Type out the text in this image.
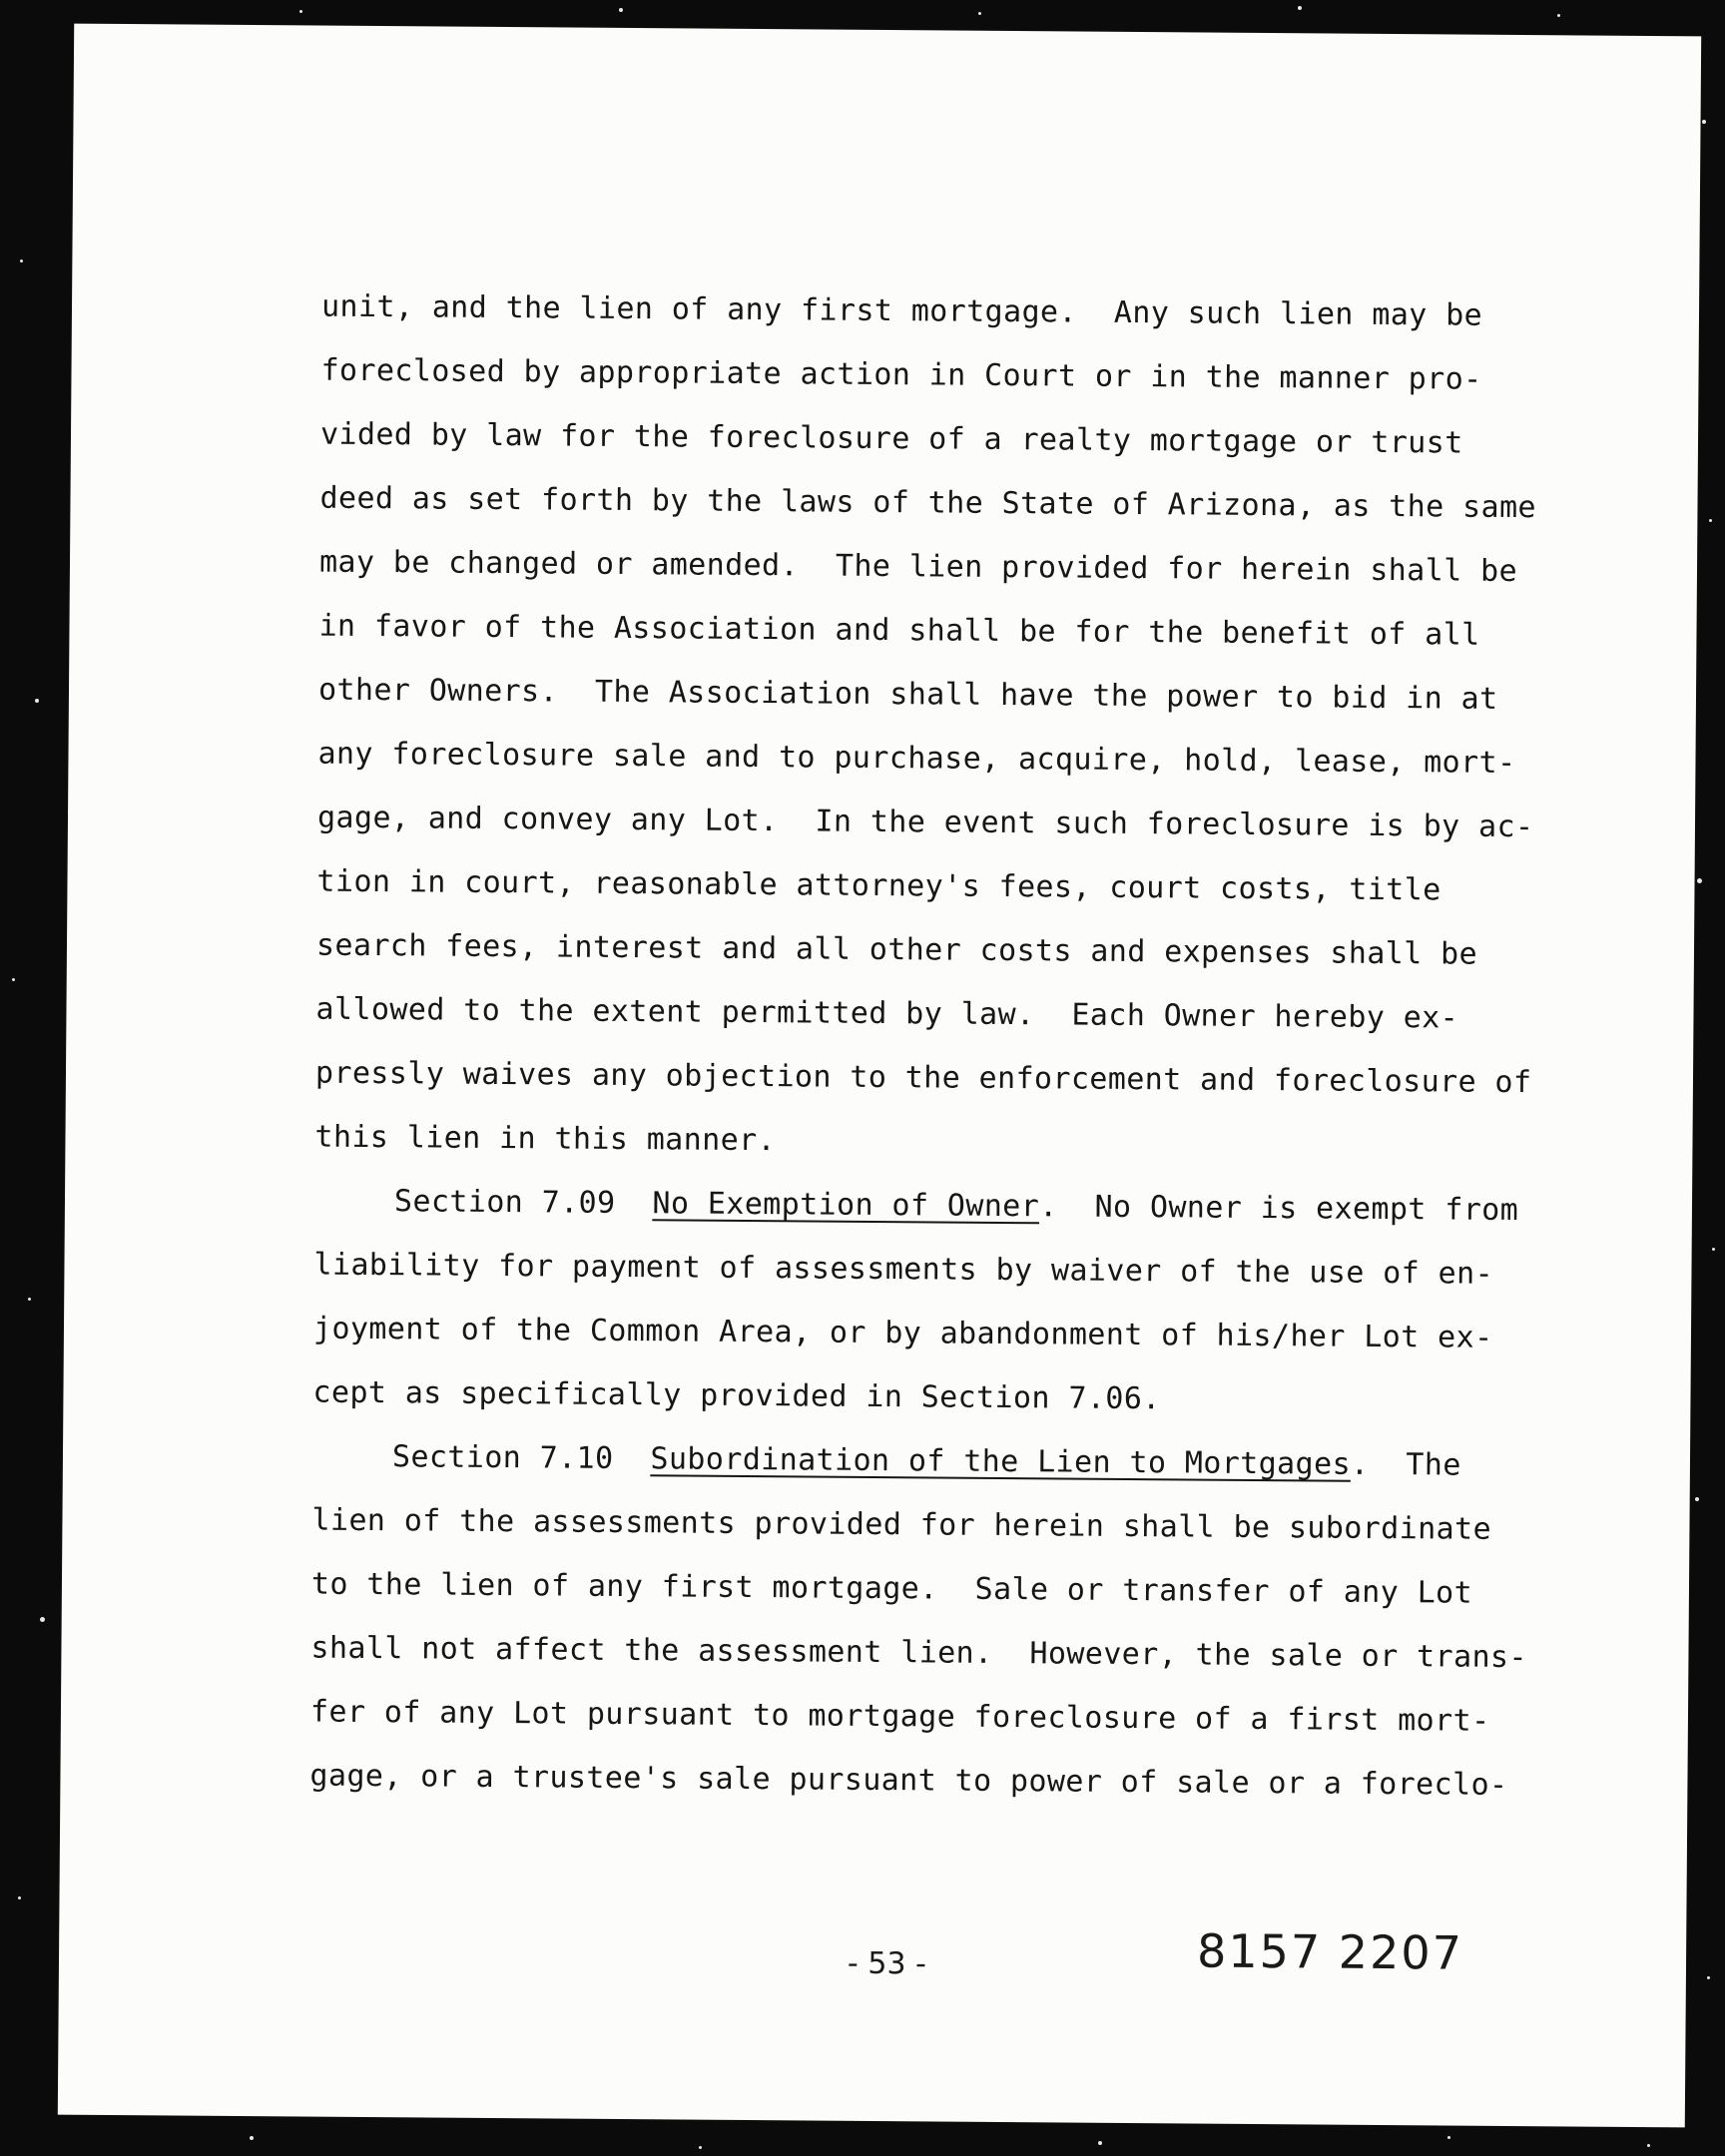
unit, and the lien of any first mortgage.  Any such lien may be
foreclosed by appropriate action in Court or in the manner pro-
vided by law for the foreclosure of a realty mortgage or trust
deed as set forth by the laws of the State of Arizona, as the same
may be changed or amended.  The lien provided for herein shall be
in favor of the Association and shall be for the benefit of all
other Owners.  The Association shall have the power to bid in at
any foreclosure sale and to purchase, acquire, hold, lease, mort-
gage, and convey any Lot.  In the event such foreclosure is by ac-
tion in court, reasonable attorney's fees, court costs, title
search fees, interest and all other costs and expenses shall be
allowed to the extent permitted by law.  Each Owner hereby ex-
pressly waives any objection to the enforcement and foreclosure of
this lien in this manner.
Section 7.09 No Exemption of Owner.  No Owner is exempt from
liability for payment of assessments by waiver of the use of en-
joyment of the Common Area, or by abandonment of his/her Lot ex-
cept as specifically provided in Section 7.06.
Section 7.10 Subordination of the Lien to Mortgages.  The
lien of the assessments provided for herein shall be subordinate
to the lien of any first mortgage.  Sale or transfer of any Lot
shall not affect the assessment lien.  However, the sale or trans-
fer of any Lot pursuant to mortgage foreclosure of a first mort-
gage, or a trustee's sale pursuant to power of sale or a foreclo-
- 53 -	8157 2207
